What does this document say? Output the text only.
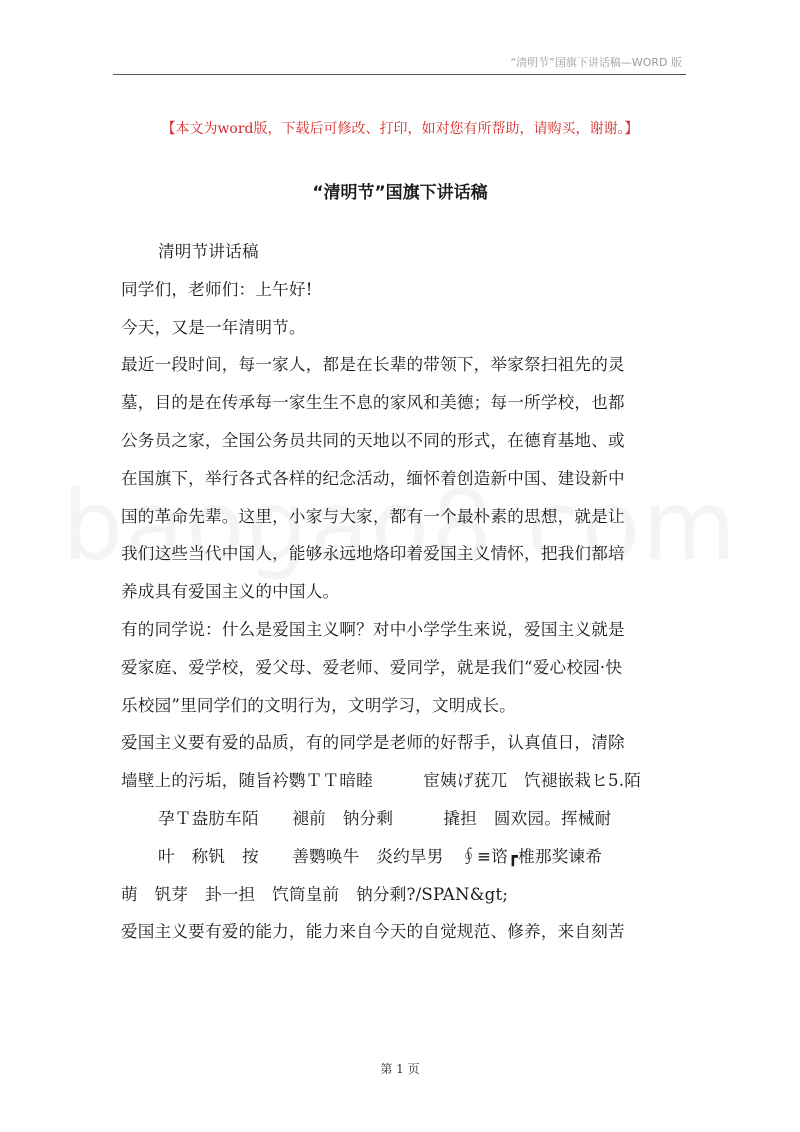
“清明节”国旗下讲话稿—WORD 版
【本文为word版，下载后可修改、打印，如对您有所帮助，请购买，谢谢。】
“清明节”国旗下讲话稿

清明节讲话稿

同学们，老师们：上午好!

今天，又是一年清明节。

最近一段时间，每一家人，都是在长辈的带领下，举家祭扫祖先的灵

墓，目的是在传承每一家生生不息的家风和美德；每一所学校，也都

公务员之家，全国公务员共同的天地以不同的形式，在德育基地、或

在国旗下，举行各式各样的纪念活动，缅怀着创造新中国、建设新中

国的革命先辈。这里，小家与大家，都有一个最朴素的思想，就是让

我们这些当代中国人，能够永远地烙印着爱国主义情怀，把我们都培

养成具有爱国主义的中国人。

有的同学说：什么是爱国主义啊？对中小学学生来说，爱国主义就是

爱家庭、爱学校，爱父母、爱老师、爱同学，就是我们“爱心校园·快

乐校园”里同学们的文明行为，文明学习，文明成长。

爱国主义要有爱的品质，有的同学是老师的好帮手，认真值日，清除

墙壁上的污垢，随旨衿鹦ＴＴ暗睦　　　宦姨げ莸兀　饩褪嵌栽ヒ5.陌

孕Ｔ盎肪车陌　　褪前　钠分剩　　　撬担　圆欢园。挥械耐

叶　称钒　按　　善鹦唤牛　炎约旱男　∮≡谘┏椎那奖谏希

萌　钒芽　卦一担　饩筒皇前　钠分剩?/SPAN&gt;

爱国主义要有爱的能力，能力来自今天的自觉规范、修养，来自刻苦

第 1 页
